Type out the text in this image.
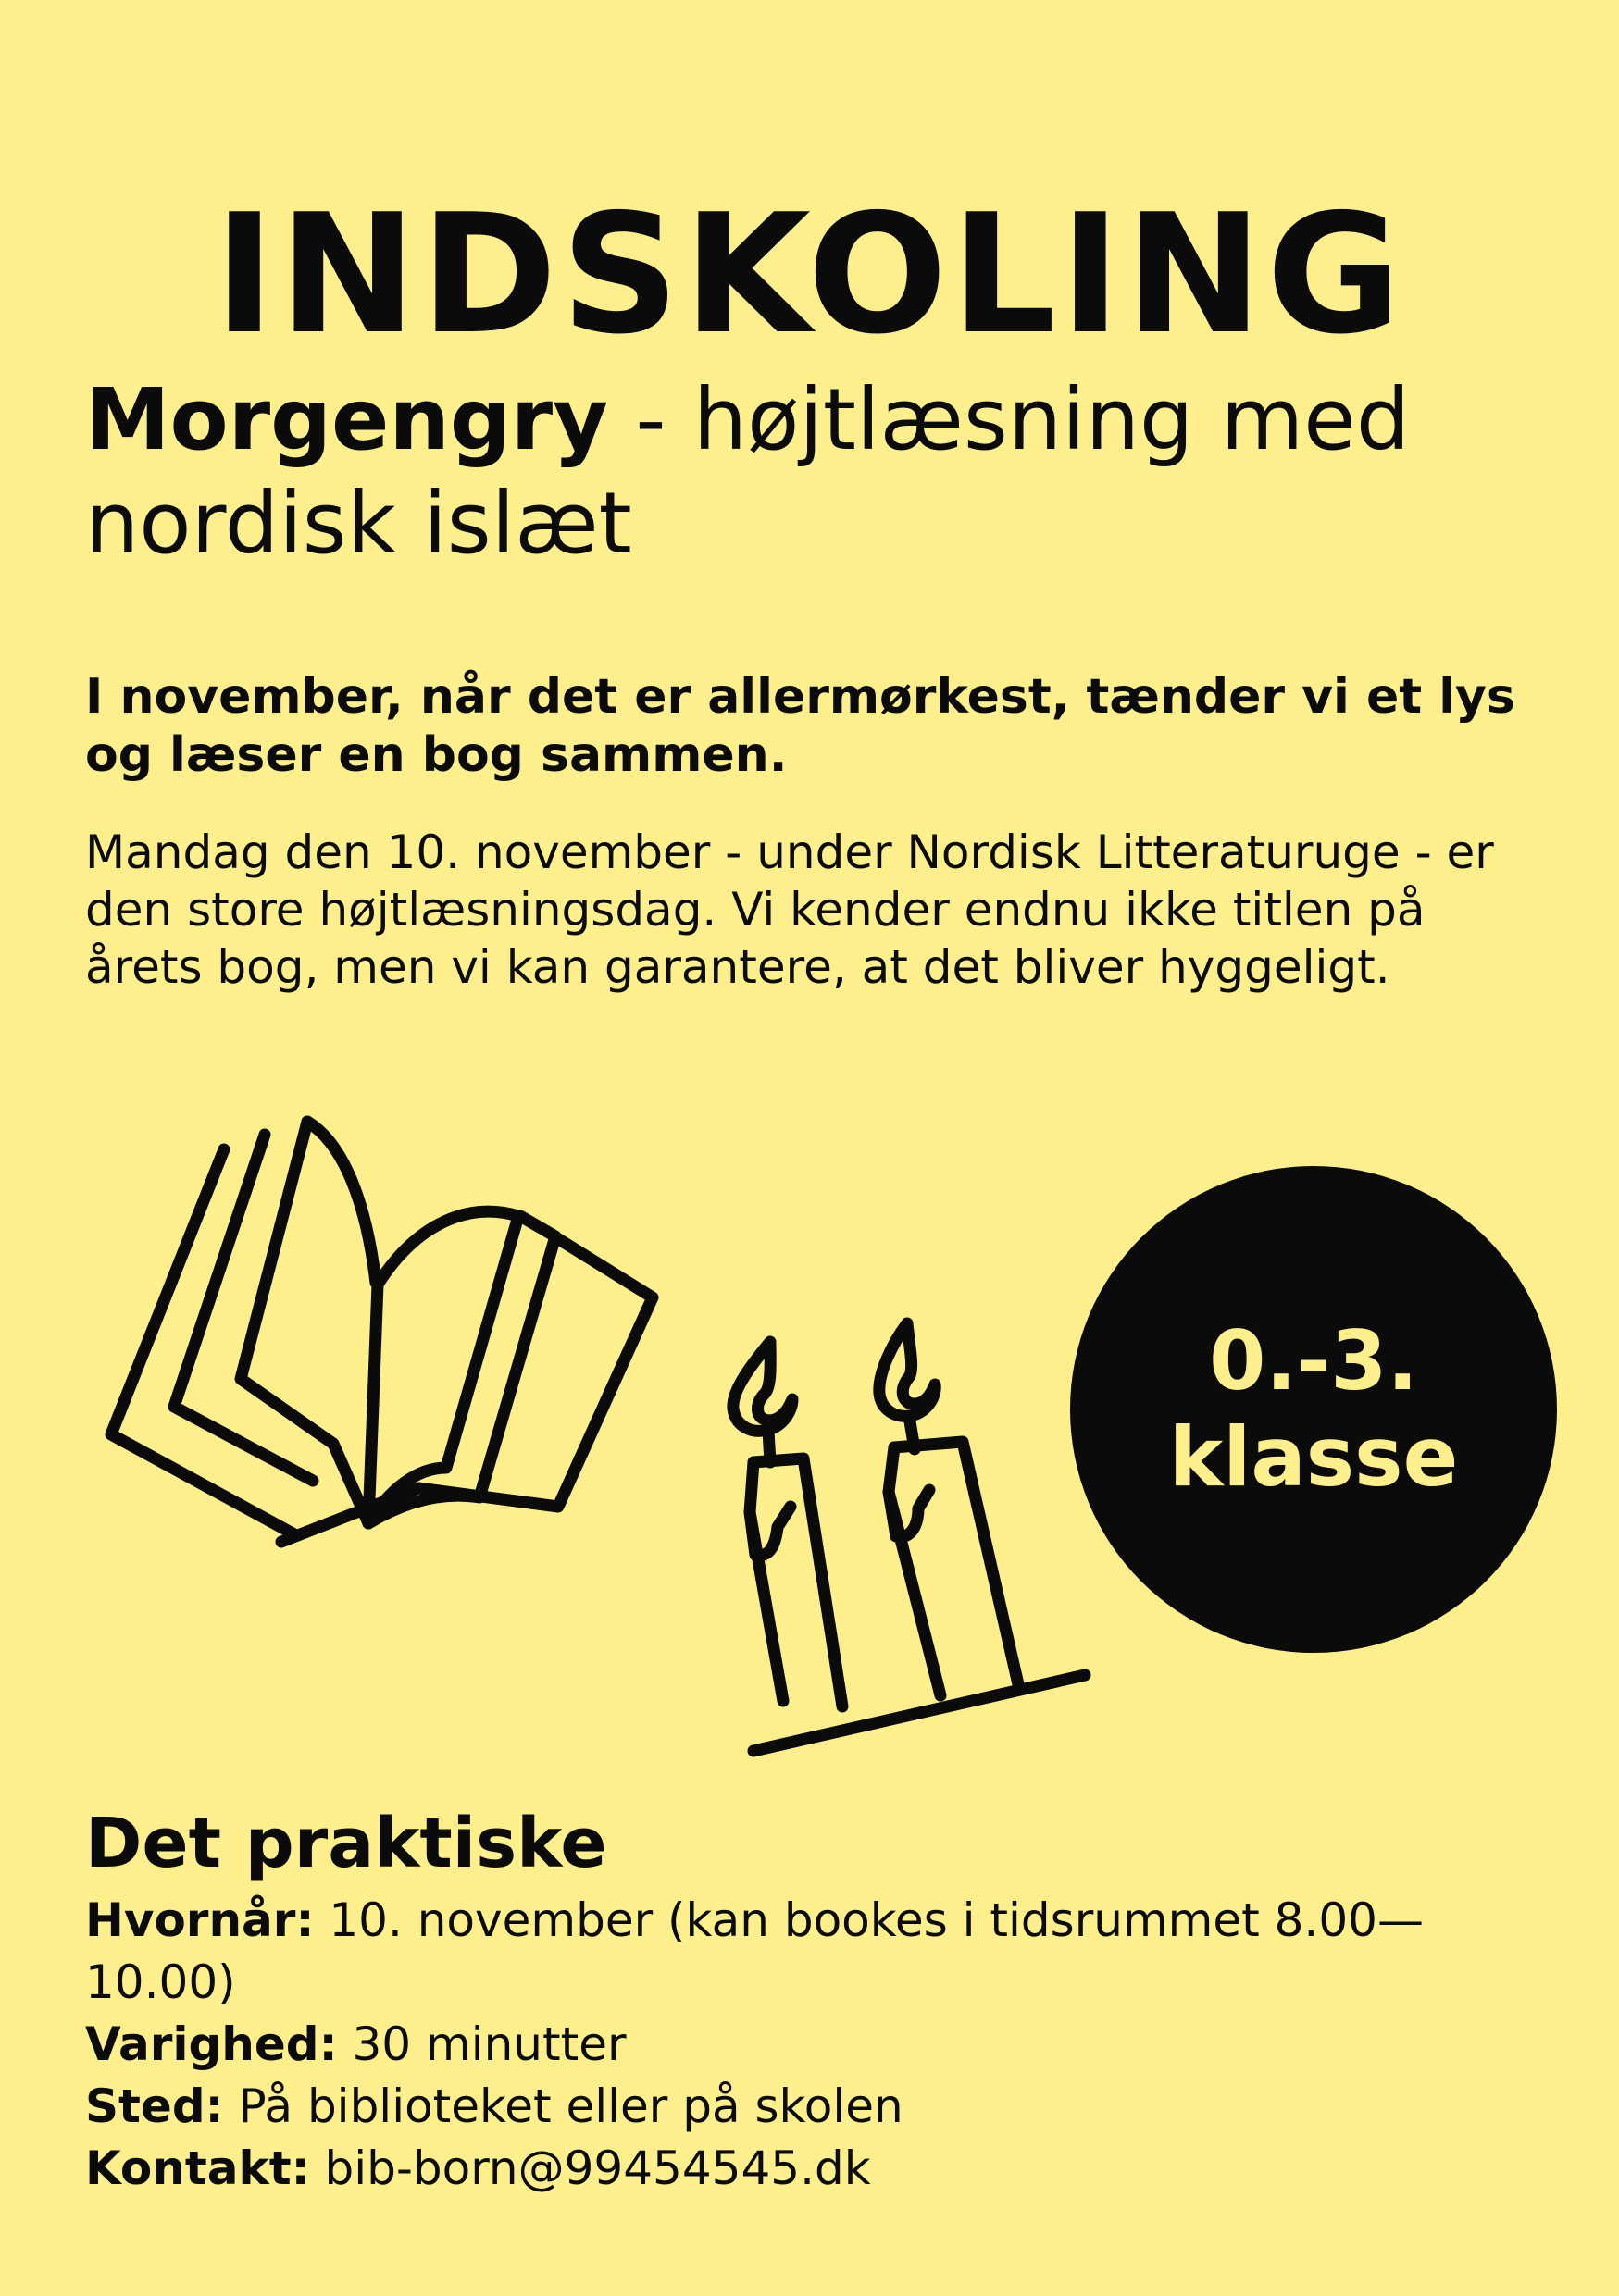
INDSKOLING
Morgengry - højtlæsning med nordisk islæt

I november, når det er allermørkest, tænder vi et lys og læser en bog sammen.

Mandag den 10. november - under Nordisk Litteraturuge - er den store højtlæsningsdag. Vi kender endnu ikke titlen på årets bog, men vi kan garantere, at det bliver hyggeligt.

0.-3.
klasse
Det praktiske
Hvornår: 10. november (kan bookes i tidsrummet 8.00—10.00)
Varighed: 30 minutter
Sted: På biblioteket eller på skolen
Kontakt: bib-born@99454545.dk
